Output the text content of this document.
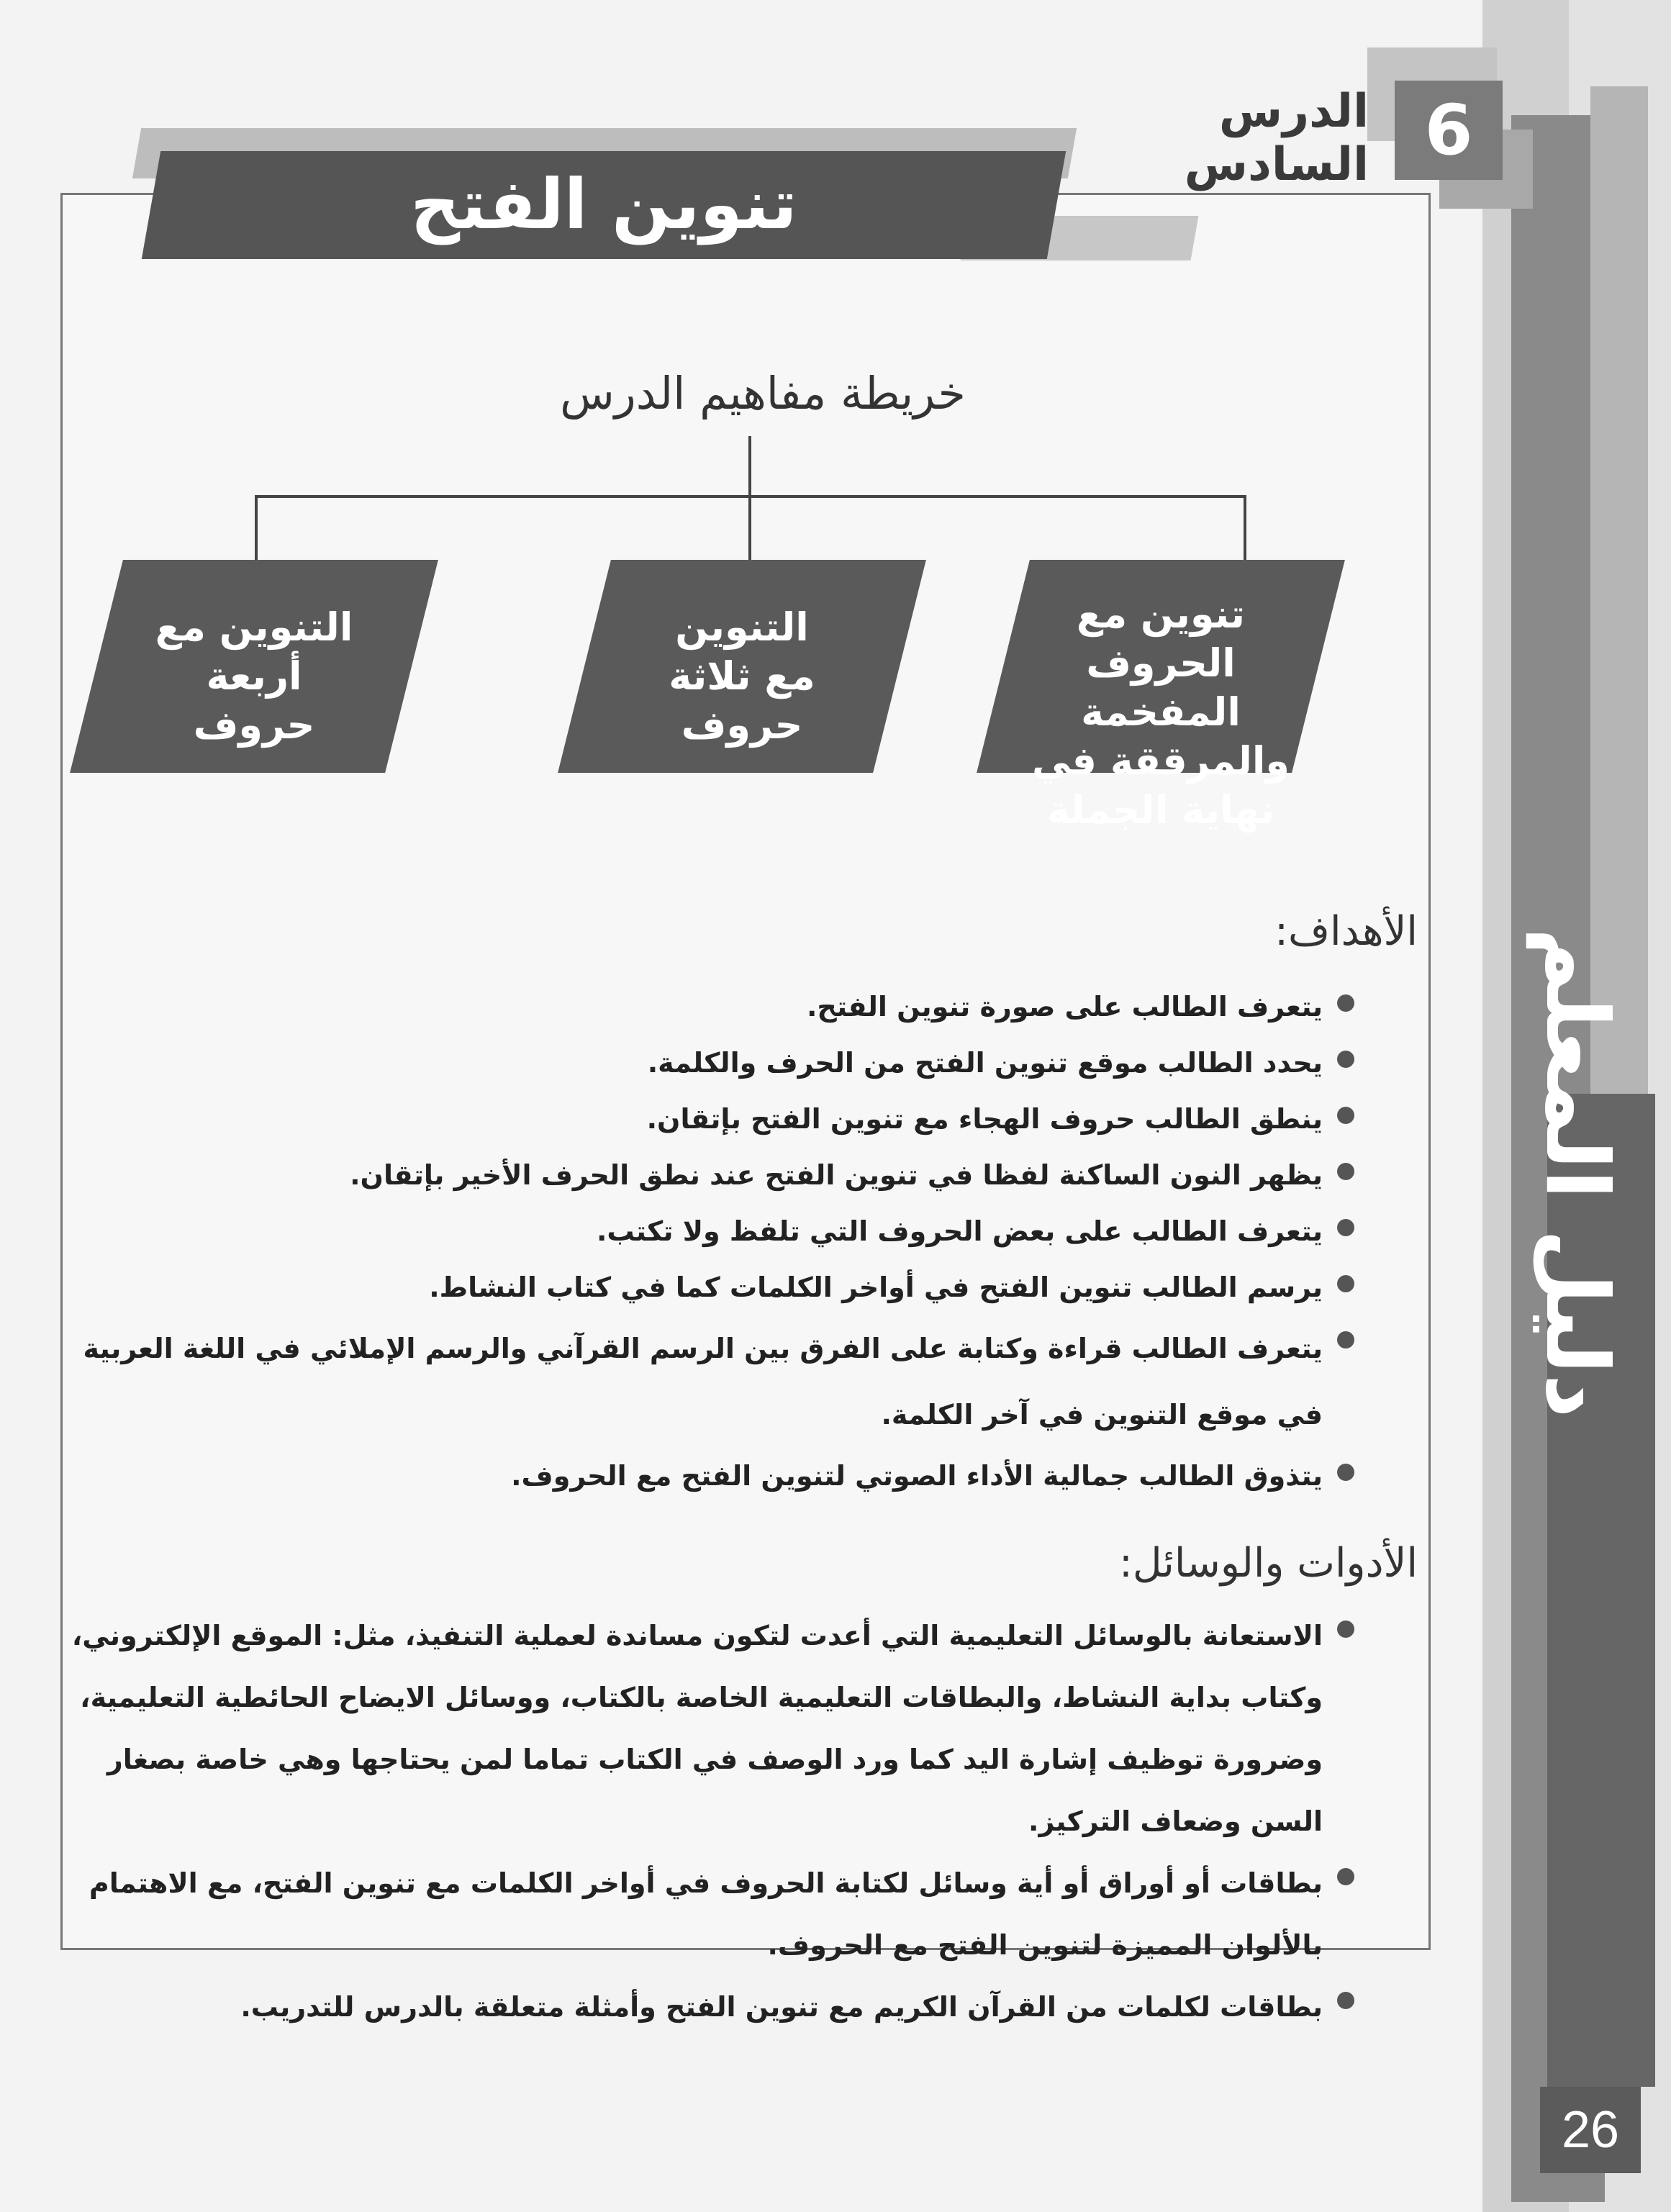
6
الدرس السادس
تنوين الفتح
خريطة مفاهيم الدرس
تنوين مع الحروف المفخمة والمرققة في نهاية الجملة
التنوين مع ثلاثة حروف
التنوين مع أربعة حروف
الأهداف:

يتعرف الطالب على صورة تنوين الفتح.

يحدد الطالب موقع تنوين الفتح من الحرف والكلمة.

ينطق الطالب حروف الهجاء مع تنوين الفتح بإتقان.

يظهر النون الساكنة لفظا في تنوين الفتح عند نطق الحرف الأخير بإتقان.

يتعرف الطالب على بعض الحروف التي تلفظ ولا تكتب.

يرسم الطالب تنوين الفتح في أواخر الكلمات كما في كتاب النشاط.

يتعرف الطالب قراءة وكتابة على الفرق بين الرسم القرآني والرسم الإملائي في اللغة العربية في موقع التنوين في آخر الكلمة.

يتذوق الطالب جمالية الأداء الصوتي لتنوين الفتح مع الحروف.

الأدوات والوسائل:

الاستعانة بالوسائل التعليمية التي أعدت لتكون مساندة لعملية التنفيذ، مثل: الموقع الإلكتروني، وكتاب بداية النشاط، والبطاقات التعليمية الخاصة بالكتاب، ووسائل الايضاح الحائطية التعليمية، وضرورة توظيف إشارة اليد كما ورد الوصف في الكتاب تماما لمن يحتاجها وهي خاصة بصغار السن وضعاف التركيز.

بطاقات أو أوراق أو أية وسائل لكتابة الحروف في أواخر الكلمات مع تنوين الفتح، مع الاهتمام بالألوان المميزة لتنوين الفتح مع الحروف.

بطاقات لكلمات من القرآن الكريم مع تنوين الفتح وأمثلة متعلقة بالدرس للتدريب.

دليل المعلم
26
